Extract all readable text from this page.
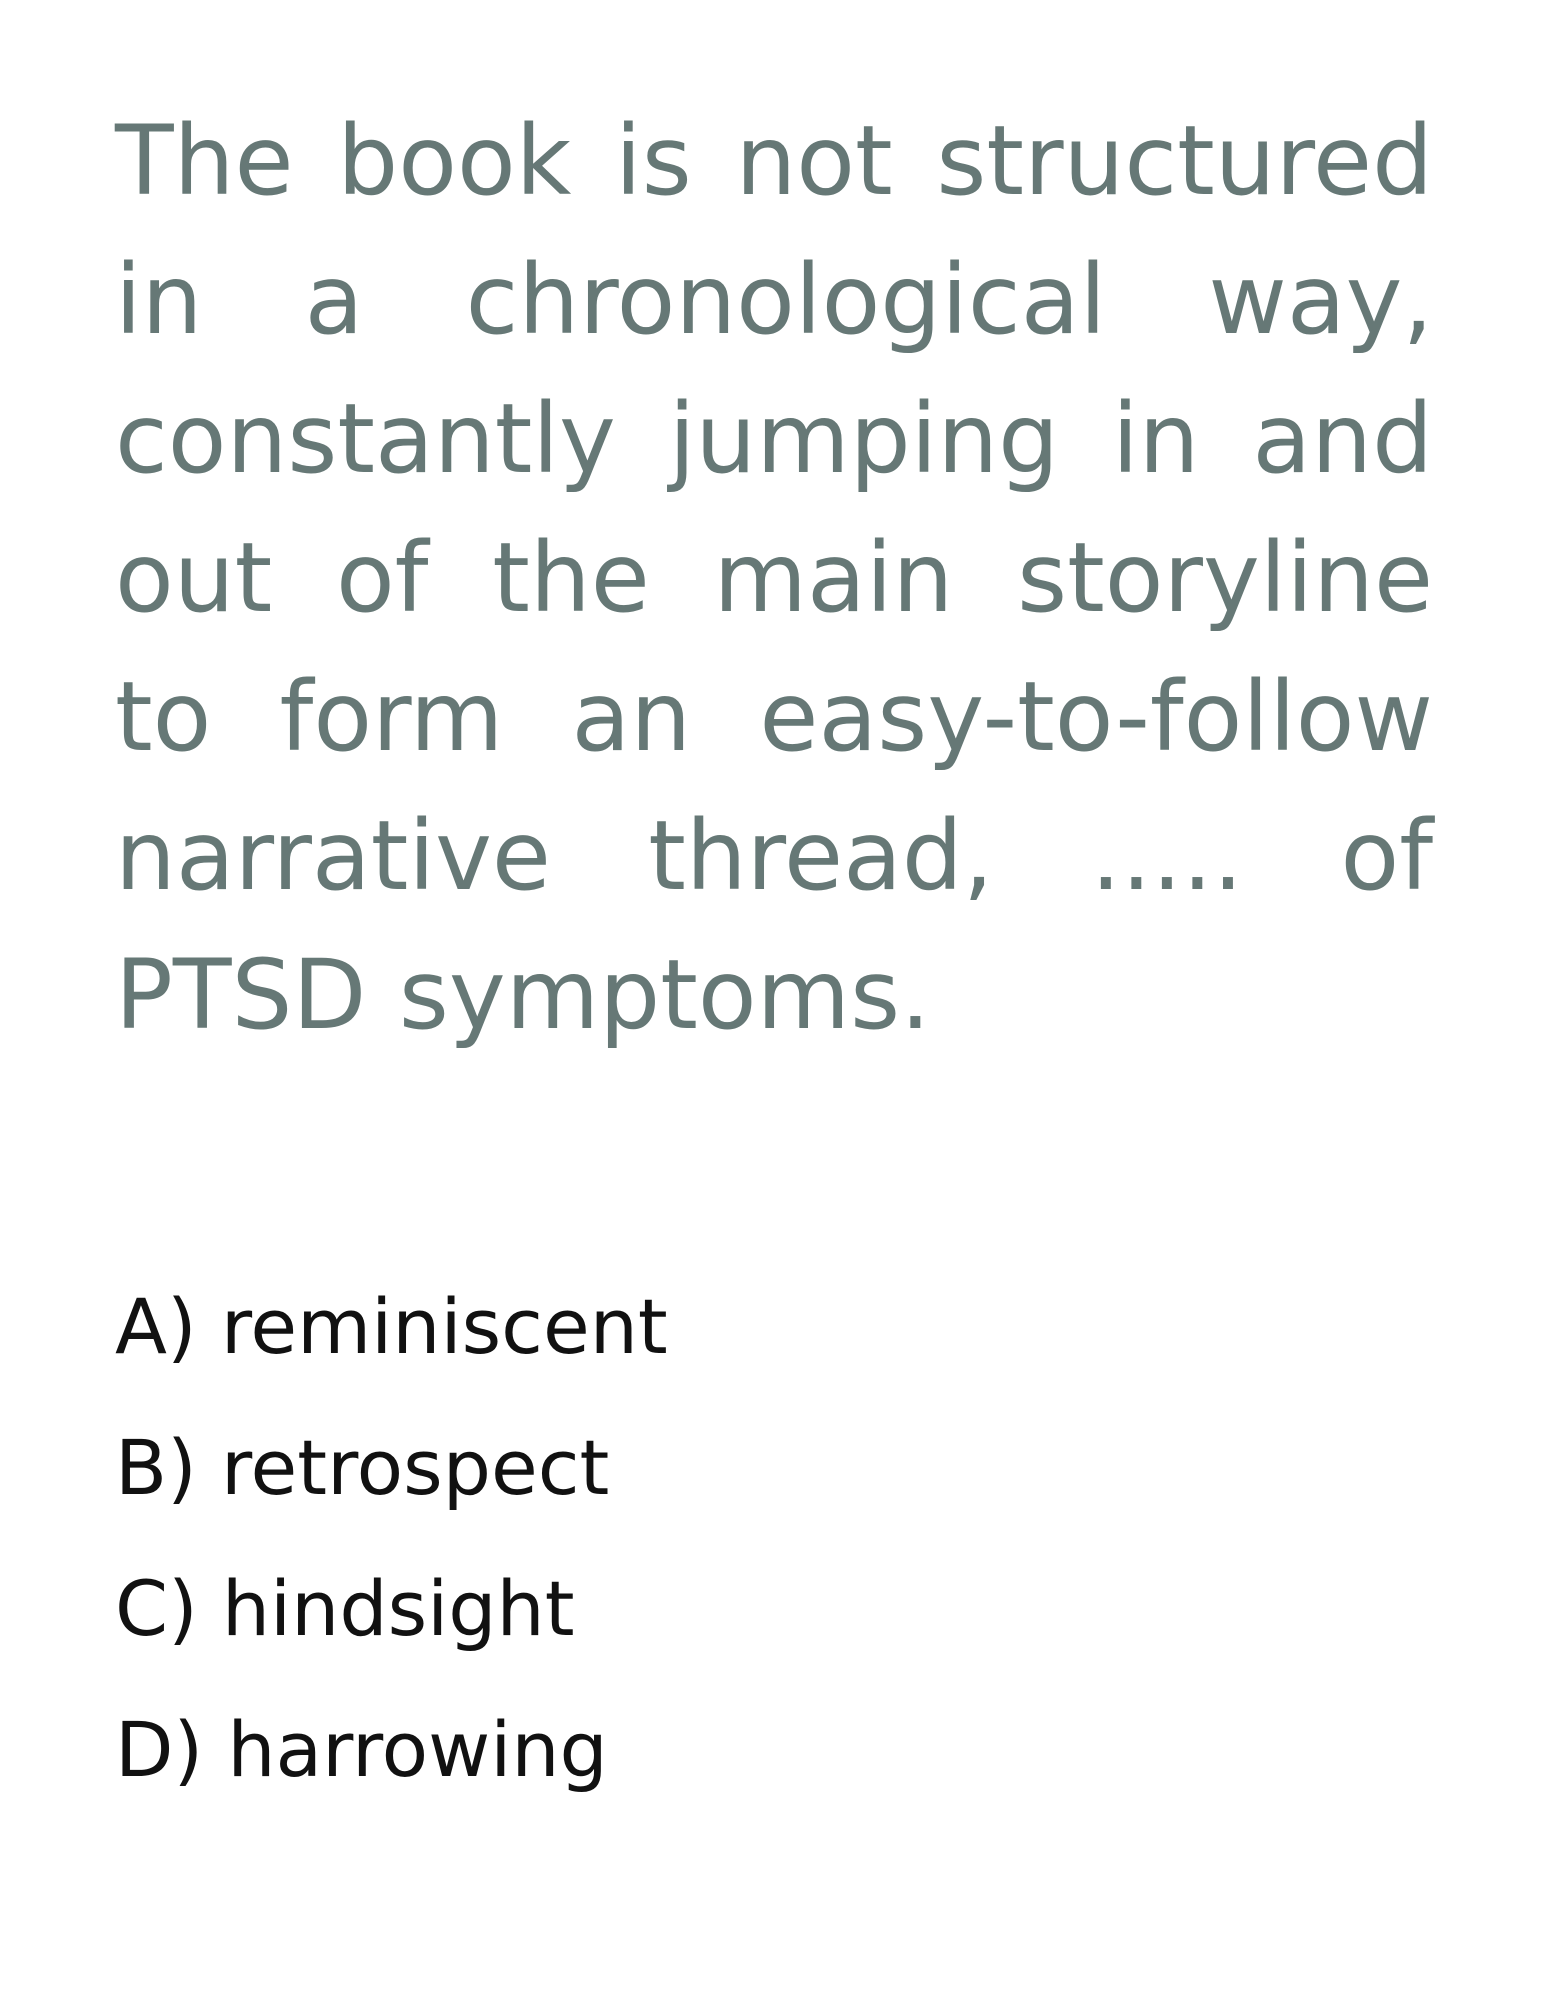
The book is not structured in a chronological way, constantly jumping in and out of the main storyline to form an easy-to-follow narrative thread, ..... of PTSD symptoms.

A) reminiscent
B) retrospect
C) hindsight
D) harrowing
